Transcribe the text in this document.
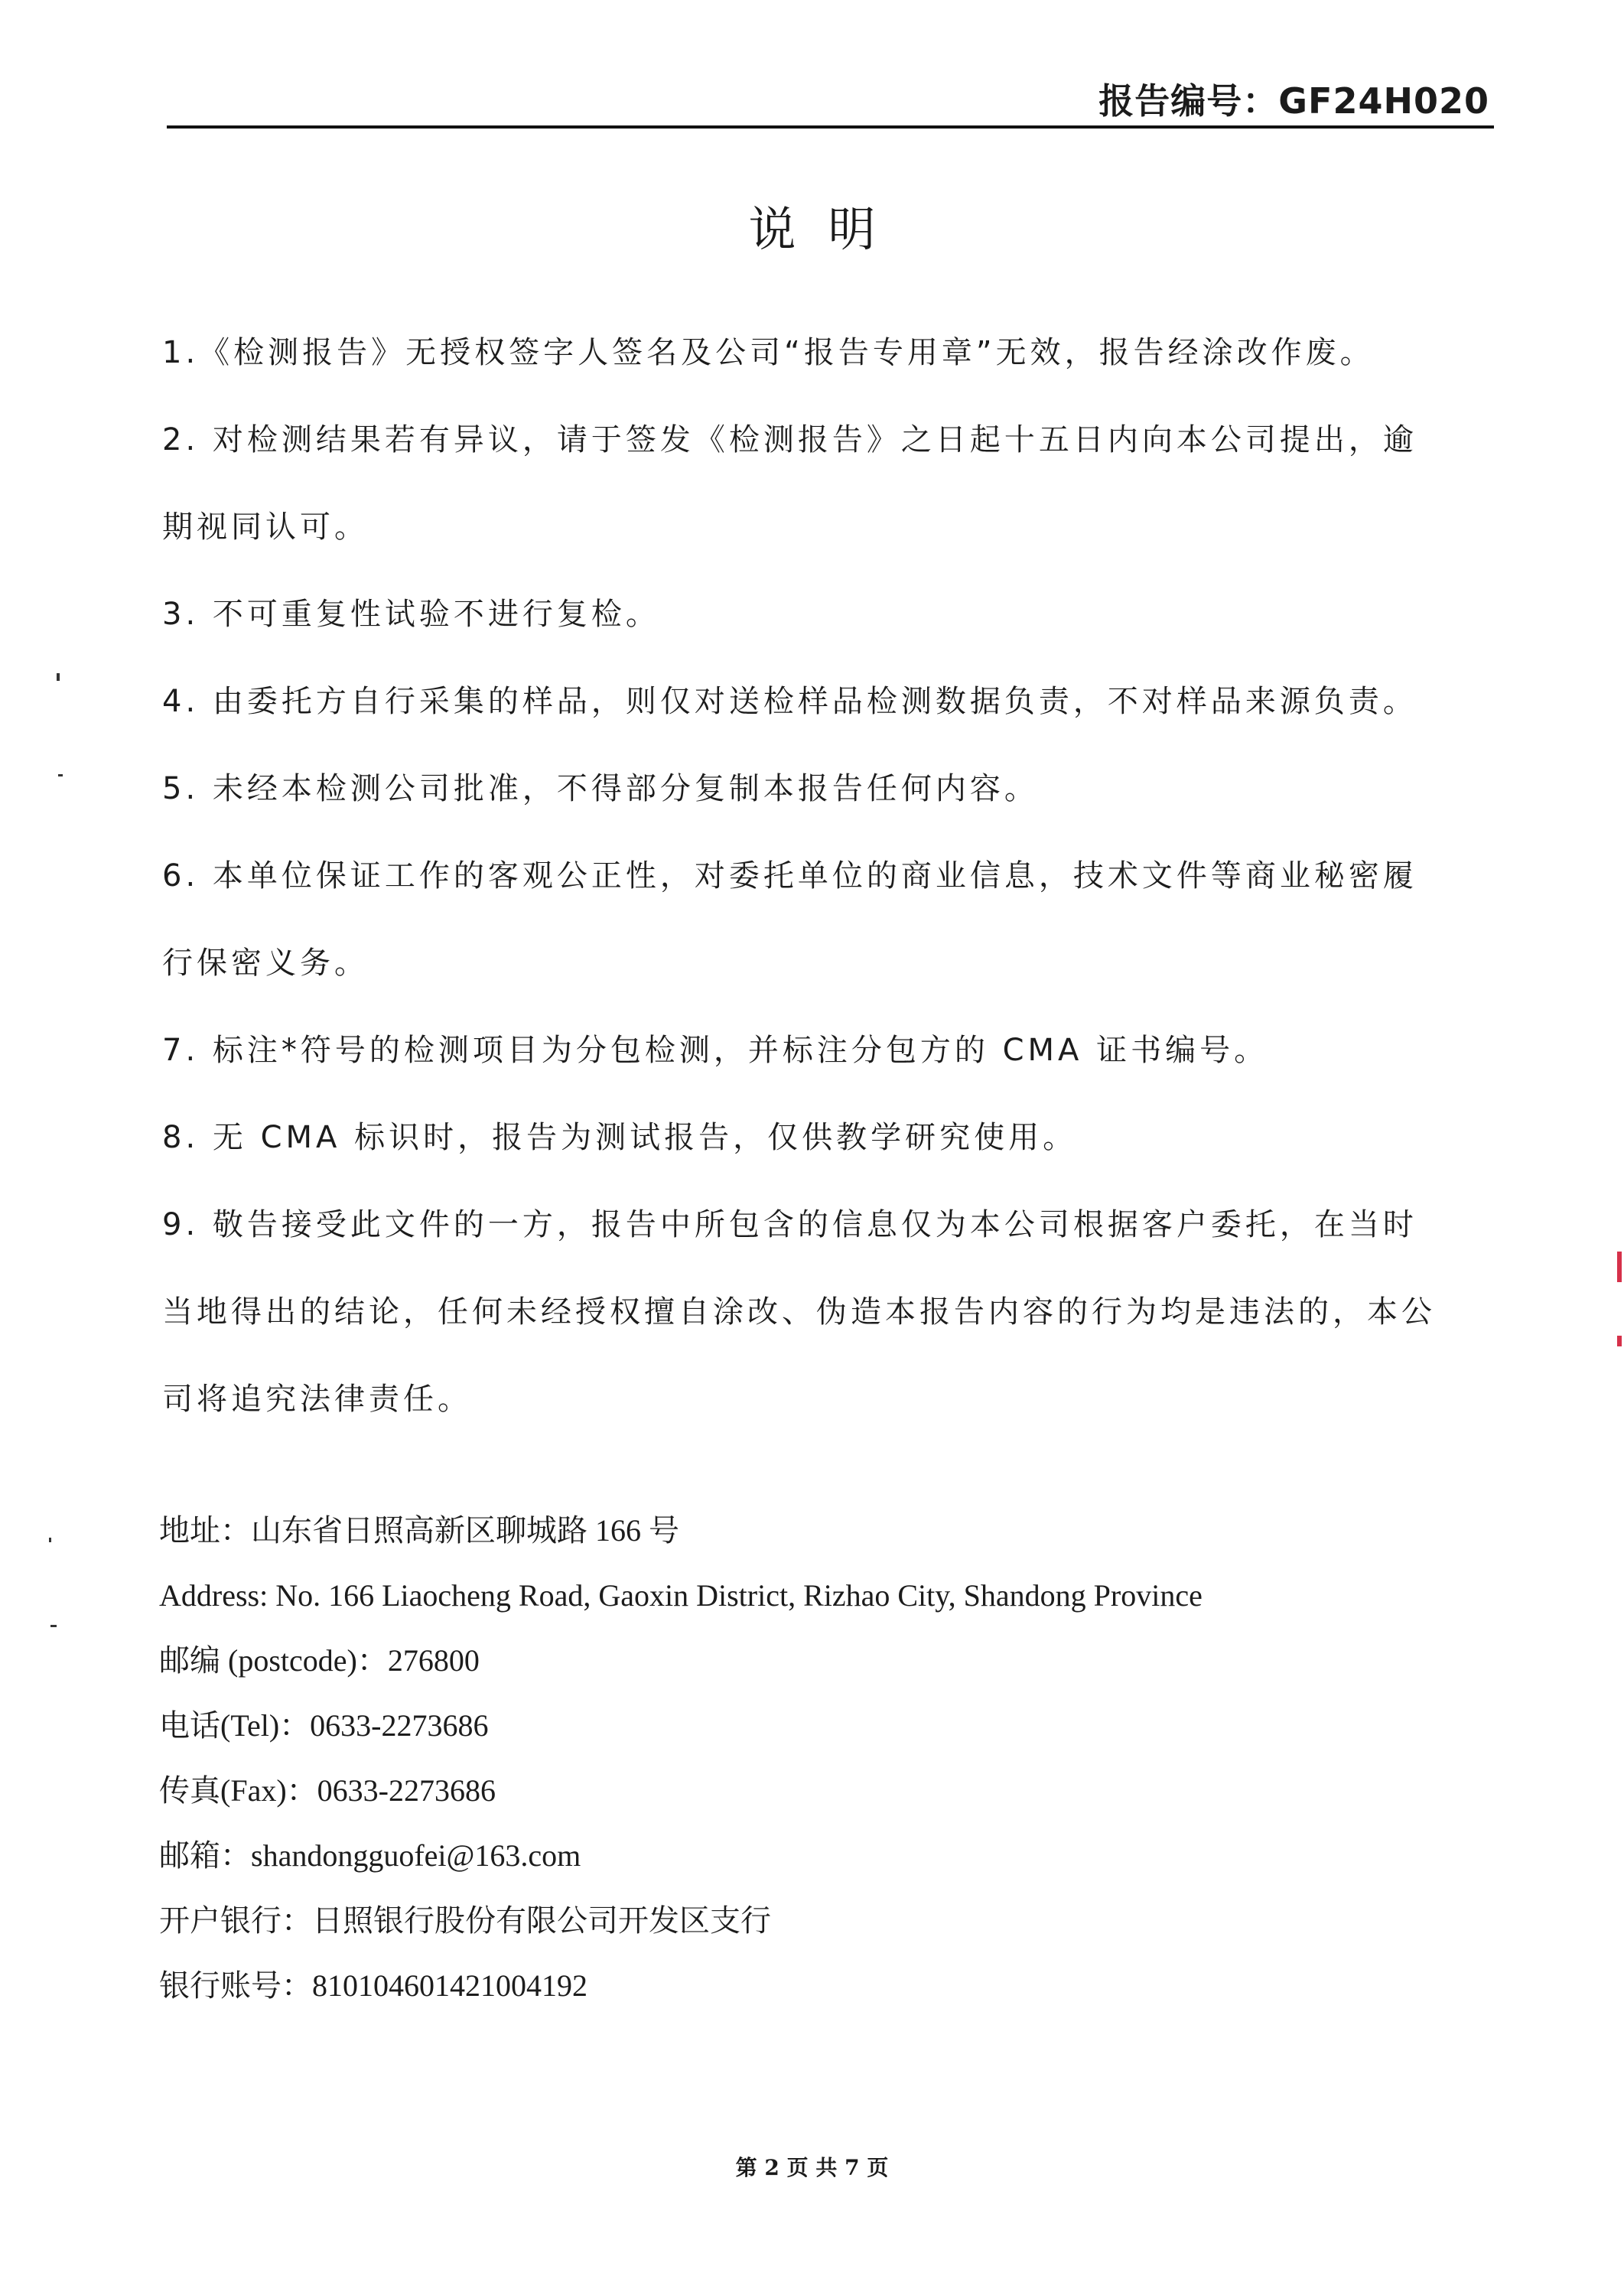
报告编号：GF24H020
说明
1.《检测报告》无授权签字人签名及公司“报告专用章”无效，报告经涂改作废。
2. 对检测结果若有异议，请于签发《检测报告》之日起十五日内向本公司提出，逾
期视同认可。
3. 不可重复性试验不进行复检。
4. 由委托方自行采集的样品，则仅对送检样品检测数据负责，不对样品来源负责。
5. 未经本检测公司批准，不得部分复制本报告任何内容。
6. 本单位保证工作的客观公正性，对委托单位的商业信息，技术文件等商业秘密履
行保密义务。
7. 标注*符号的检测项目为分包检测，并标注分包方的 CMA 证书编号。
8. 无 CMA 标识时，报告为测试报告，仅供教学研究使用。
9. 敬告接受此文件的一方，报告中所包含的信息仅为本公司根据客户委托，在当时
当地得出的结论，任何未经授权擅自涂改、伪造本报告内容的行为均是违法的，本公
司将追究法律责任。
地址：山东省日照高新区聊城路 166 号
Address: No. 166 Liaocheng Road, Gaoxin District, Rizhao City, Shandong Province
邮编 (postcode)：276800
电话(Tel)：0633-2273686
传真(Fax)：0633-2273686
邮箱：shandongguofei@163.com
开户银行：日照银行股份有限公司开发区支行
银行账号：810104601421004192
第 2 页 共 7 页
